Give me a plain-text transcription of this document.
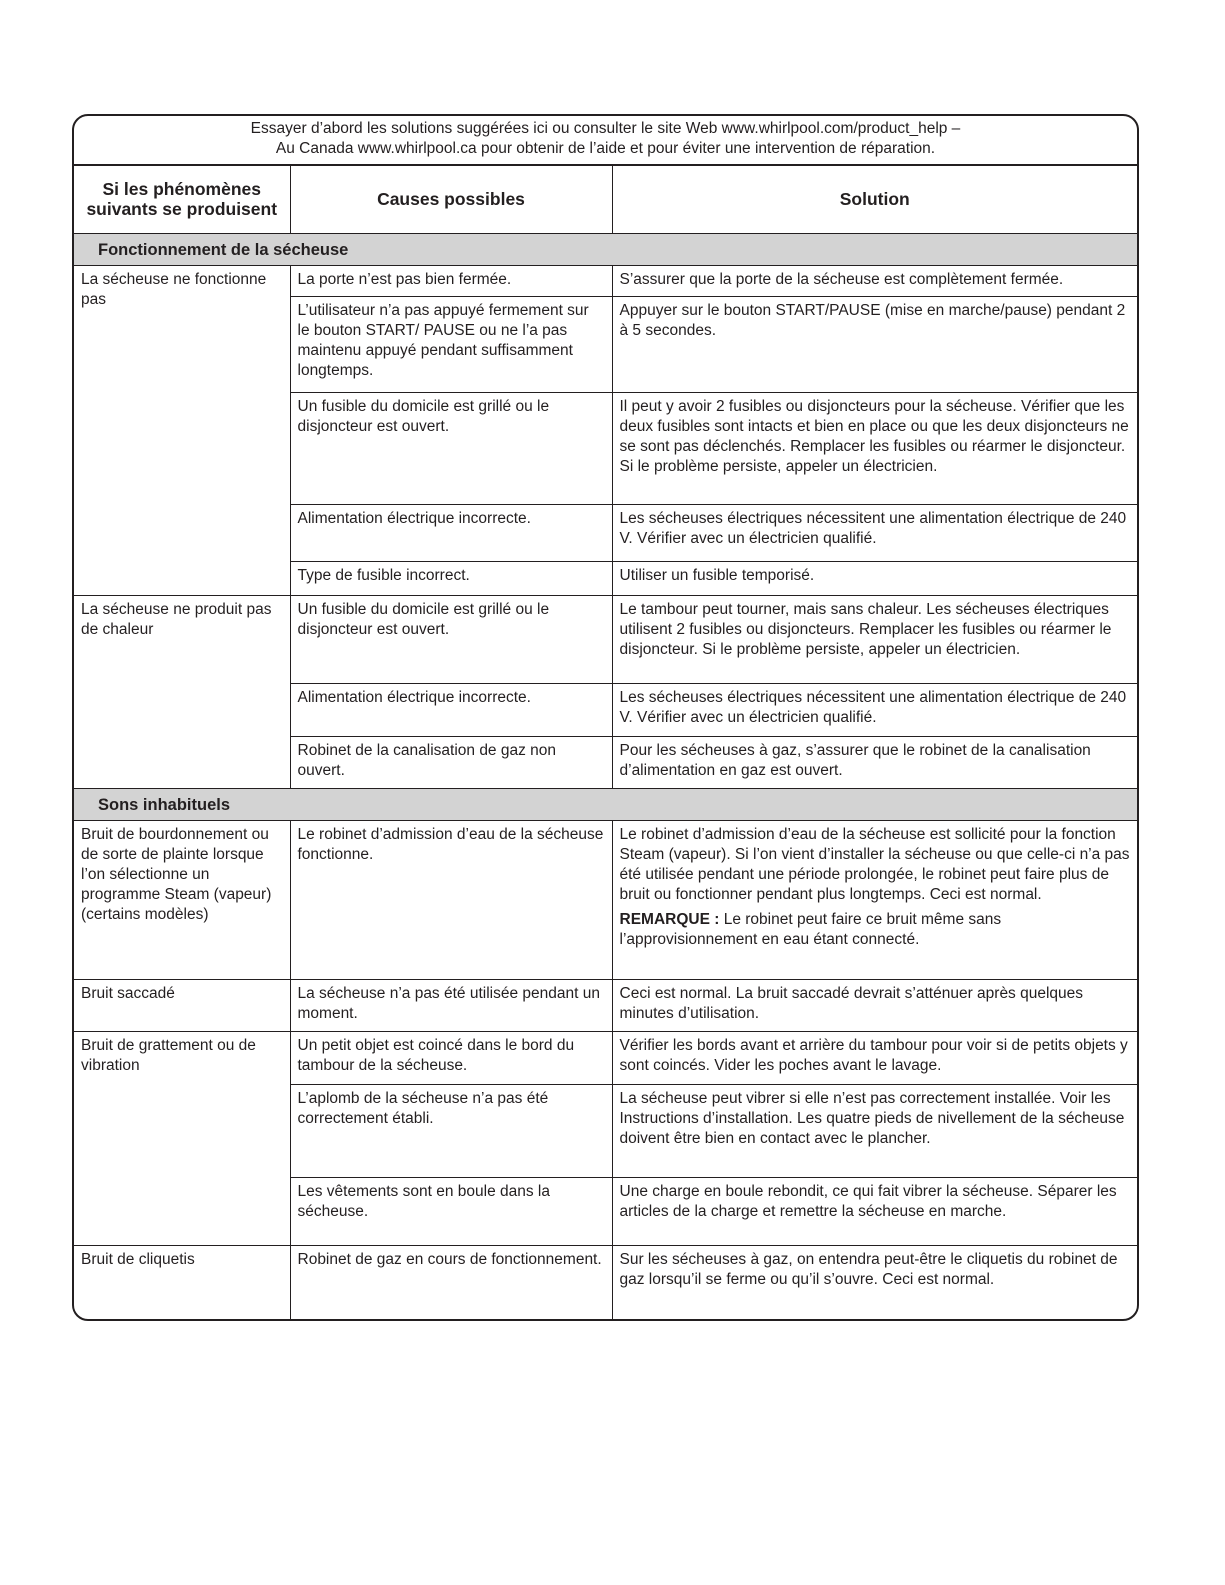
Essayer d’abord les solutions suggérées ici ou consulter le site Web www.whirlpool.com/product_help –
Au Canada www.whirlpool.ca pour obtenir de l’aide et pour éviter une intervention de réparation.
Si les phénomènes suivants se produisent	Causes possibles	Solution
Fonctionnement de la sécheuse		
La sécheuse ne fonctionne pas	La porte n’est pas bien fermée.	S’assurer que la porte de la sécheuse est complètement fermée.
	L’utilisateur n’a pas appuyé fermement sur le bouton START/ PAUSE ou ne l’a pas maintenu appuyé pendant suffisamment longtemps.	Appuyer sur le bouton START/PAUSE (mise en marche/pause) pendant 2 à 5 secondes.
	Un fusible du domicile est grillé ou le disjoncteur est ouvert.	Il peut y avoir 2 fusibles ou disjoncteurs pour la sécheuse. Vérifier que les deux fusibles sont intacts et bien en place ou que les deux disjoncteurs ne se sont pas déclenchés. Remplacer les fusibles ou réarmer le disjoncteur. Si le problème persiste, appeler un électricien.
	Alimentation électrique incorrecte.	Les sécheuses électriques nécessitent une alimentation électrique de 240 V. Vérifier avec un électricien qualifié.
	Type de fusible incorrect.	Utiliser un fusible temporisé.
La sécheuse ne produit pas de chaleur	Un fusible du domicile est grillé ou le disjoncteur est ouvert.	Le tambour peut tourner, mais sans chaleur. Les sécheuses électriques utilisent 2 fusibles ou disjoncteurs. Remplacer les fusibles ou réarmer le disjoncteur. Si le problème persiste, appeler un électricien.
	Alimentation électrique incorrecte.	Les sécheuses électriques nécessitent une alimentation électrique de 240 V. Vérifier avec un électricien qualifié.
	Robinet de la canalisation de gaz non ouvert.	Pour les sécheuses à gaz, s’assurer que le robinet de la canalisation d’alimentation en gaz est ouvert.
Sons inhabituels		
Bruit de bourdonnement ou de sorte de plainte lorsque l’on sélectionne un programme Steam (vapeur) (certains modèles)	Le robinet d’admission d’eau de la sécheuse fonctionne.	Le robinet d’admission d’eau de la sécheuse est sollicité pour la fonction Steam (vapeur). Si l’on vient d’installer la sécheuse ou que celle-ci n’a pas été utilisée pendant une période prolongée, le robinet peut faire plus de bruit ou fonctionner pendant plus longtemps. Ceci est normal.

REMARQUE : Le robinet peut faire ce bruit même sans l’approvisionnement en eau étant connecté.

Bruit saccadé	La sécheuse n’a pas été utilisée pendant un moment.	Ceci est normal. La bruit saccadé devrait s’atténuer après quelques minutes d’utilisation.
Bruit de grattement ou de vibration	Un petit objet est coincé dans le bord du tambour de la sécheuse.	Vérifier les bords avant et arrière du tambour pour voir si de petits objets y sont coincés. Vider les poches avant le lavage.
	L’aplomb de la sécheuse n’a pas été correctement établi.	La sécheuse peut vibrer si elle n’est pas correctement installée. Voir les Instructions d’installation. Les quatre pieds de nivellement de la sécheuse doivent être bien en contact avec le plancher.
	Les vêtements sont en boule dans la sécheuse.	Une charge en boule rebondit, ce qui fait vibrer la sécheuse. Séparer les articles de la charge et remettre la sécheuse en marche.
Bruit de cliquetis	Robinet de gaz en cours de fonctionnement.	Sur les sécheuses à gaz, on entendra peut-être le cliquetis du robinet de gaz lorsqu’il se ferme ou qu’il s’ouvre. Ceci est normal.
